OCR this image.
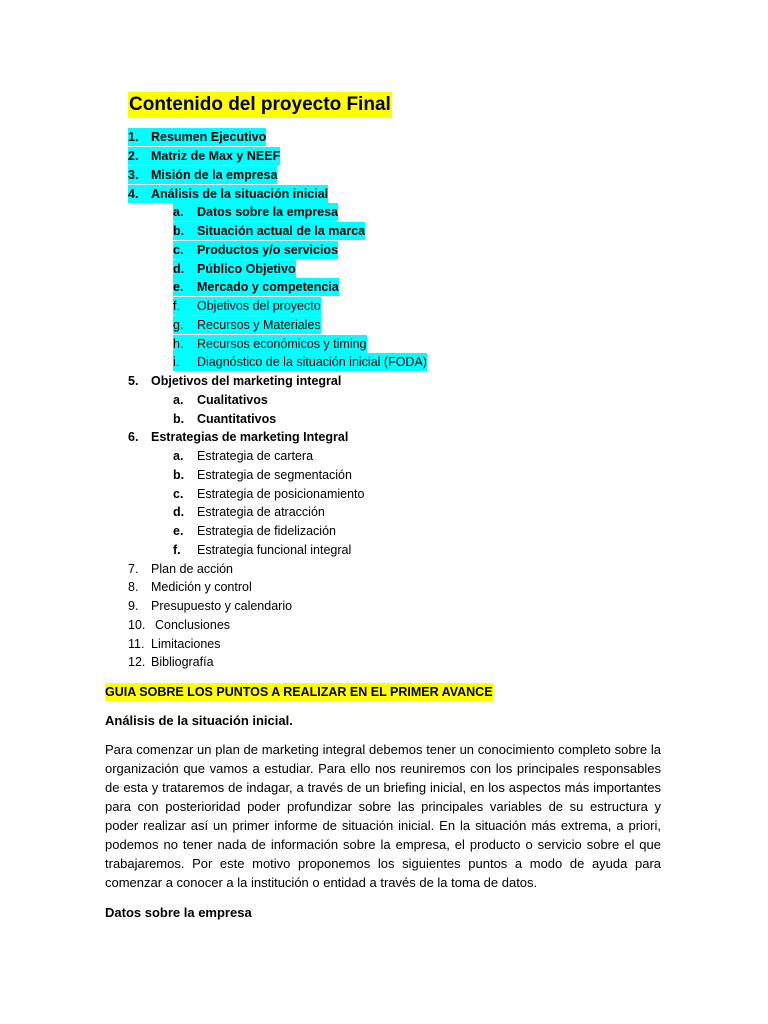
Contenido del proyecto Final
1. Resumen Ejecutivo
2. Matriz de Max y NEEF
3. Misión de la empresa
4. Análisis de la situación inicial
a. Datos sobre la empresa
b. Situación actual de la marca
c. Productos y/o servicios
d. Público Objetivo
e. Mercado y competencia
f. Objetivos del proyecto
g. Recursos y Materiales
h. Recursos económicos y timing
i. Diagnóstico de la situación inicial (FODA)
5. Objetivos del marketing integral
a. Cualitativos
b. Cuantitativos
6. Estrategias de marketing Integral
a. Estrategia de cartera
b. Estrategia de segmentación
c. Estrategia de posicionamiento
d. Estrategia de atracción
e. Estrategia de fidelización
f. Estrategia funcional integral
7. Plan de acción
8. Medición y control
9. Presupuesto y calendario
10. Conclusiones
11. Limitaciones
12. Bibliografía
GUIA SOBRE LOS PUNTOS A REALIZAR EN EL PRIMER AVANCE
Análisis de la situación inicial.

Para comenzar un plan de marketing integral debemos tener un conocimiento completo sobre la organización que vamos a estudiar. Para ello nos reuniremos con los principales responsables de esta y trataremos de indagar, a través de un briefing inicial, en los aspectos más importantes para con posterioridad poder profundizar sobre las principales variables de su estructura y poder realizar así un primer informe de situación inicial. En la situación más extrema, a priori, podemos no tener nada de información sobre la empresa, el producto o servicio sobre el que trabajaremos. Por este motivo proponemos los siguientes puntos a modo de ayuda para comenzar a conocer a la institución o entidad a través de la toma de datos.

Datos sobre la empresa
